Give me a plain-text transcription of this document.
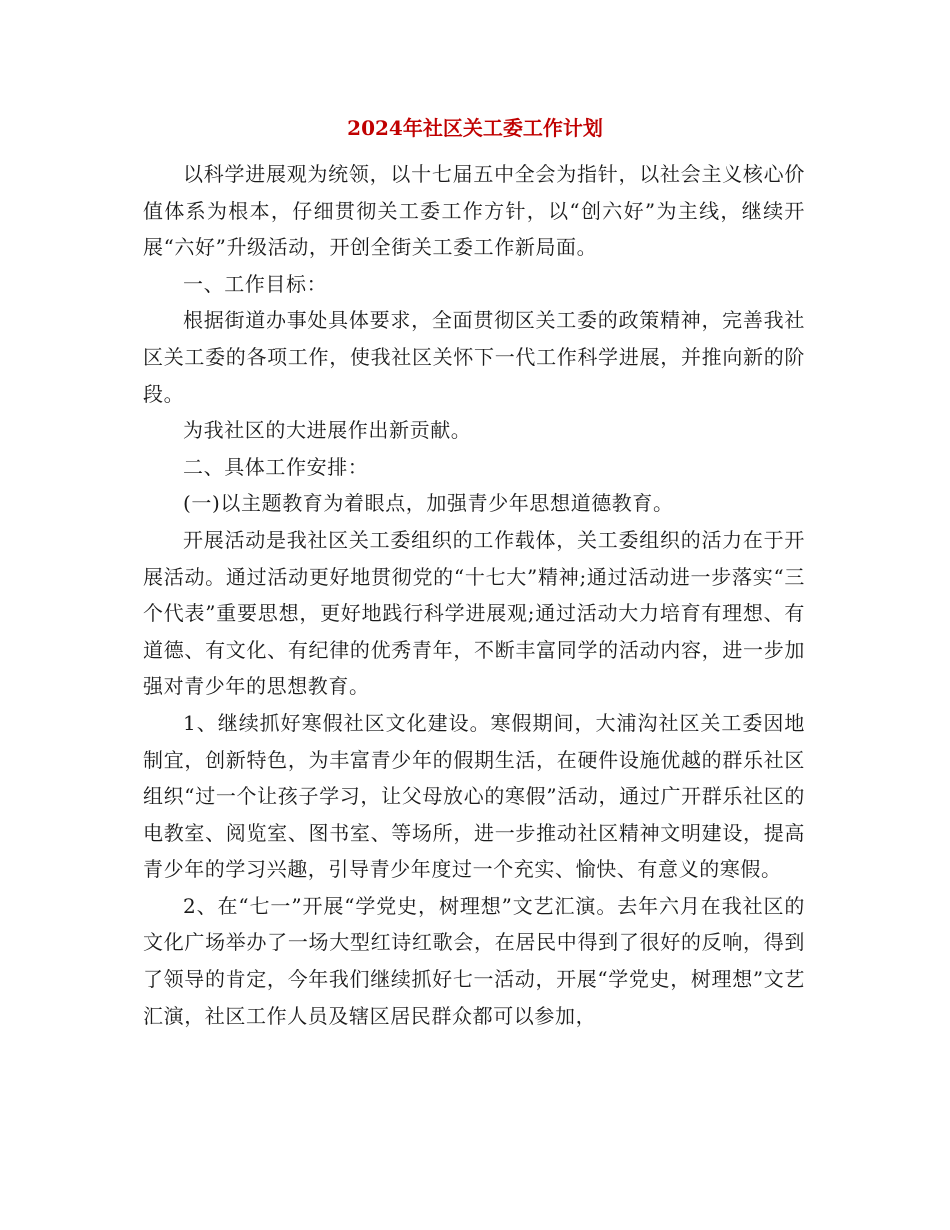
2024年社区关工委工作计划

以科学进展观为统领，以十七届五中全会为指针，以社会主义核心价值体系为根本，仔细贯彻关工委工作方针，以“创六好”为主线，继续开展“六好”升级活动，开创全街关工委工作新局面。

一、工作目标：

根据街道办事处具体要求，全面贯彻区关工委的政策精神，完善我社区关工委的各项工作，使我社区关怀下一代工作科学进展，并推向新的阶段。

为我社区的大进展作出新贡献。

二、具体工作安排：

(一)以主题教育为着眼点，加强青少年思想道德教育。

开展活动是我社区关工委组织的工作载体，关工委组织的活力在于开展活动。通过活动更好地贯彻党的“十七大”精神;通过活动进一步落实“三个代表”重要思想，更好地践行科学进展观;通过活动大力培育有理想、有道德、有文化、有纪律的优秀青年，不断丰富同学的活动内容，进一步加强对青少年的思想教育。

1、继续抓好寒假社区文化建设。寒假期间，大浦沟社区关工委因地制宜，创新特色，为丰富青少年的假期生活，在硬件设施优越的群乐社区组织“过一个让孩子学习，让父母放心的寒假”活动，通过广开群乐社区的电教室、阅览室、图书室、等场所，进一步推动社区精神文明建设，提高青少年的学习兴趣，引导青少年度过一个充实、愉快、有意义的寒假。

2、在“七一”开展“学党史，树理想”文艺汇演。去年六月在我社区的文化广场举办了一场大型红诗红歌会，在居民中得到了很好的反响，得到了领导的肯定，今年我们继续抓好七一活动，开展“学党史，树理想”文艺汇演，社区工作人员及辖区居民群众都可以参加，
